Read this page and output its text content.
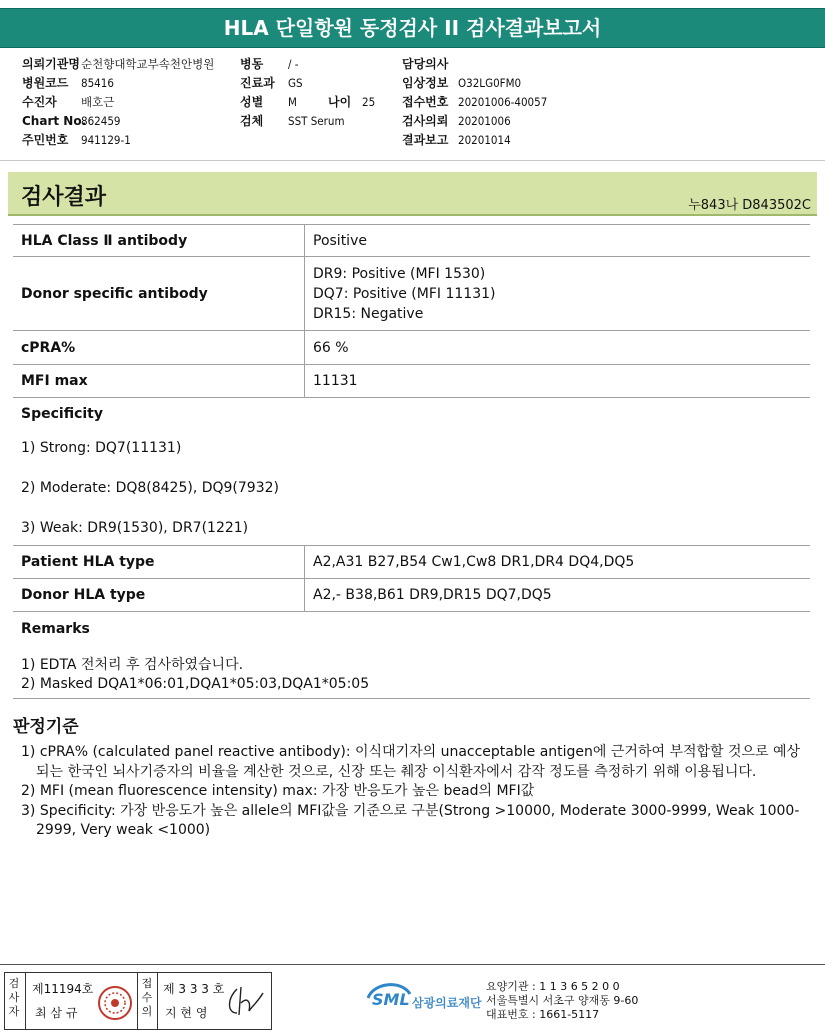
HLA 단일항원 동정검사 II 검사결과보고서
의뢰기관명순천향대학교부속천안병원
병원코드 85416
수진자 배호근
Chart No.862459
주민번호 941129-1
병동 / -
진료과 GS
성별 M	나이 25
검체 SST Serum
담당의사
임상정보 O32LG0FM0
접수번호 20201006-40057
검사의뢰 20201006
결과보고 20201014
검사결과	누843나 D843502C
HLA Class Ⅱ antibody	Positive
Donor specific antibody	DR9: Positive (MFI 1530)
DQ7: Positive (MFI 11131)
DR15: Negative

cPRA%	66 %
MFI max	11131
Specificity
1) Strong: DQ7(11131)
2) Moderate: DQ8(8425), DQ9(7932)
3) Weak: DR9(1530), DR7(1221)
Patient HLA type	A2,A31 B27,B54 Cw1,Cw8 DR1,DR4 DQ4,DQ5
Donor HLA type	A2,- B38,B61 DR9,DR15 DQ7,DQ5
Remarks
1) EDTA 전처리 후 검사하였습니다.
2) Masked DQA1*06:01,DQA1*05:03,DQA1*05:05
판정기준
1) cPRA% (calculated panel reactive antibody): 이식대기자의 unacceptable antigen에 근거하여 부적합할 것으로 예상되는 한국인 뇌사기증자의 비율을 계산한 것으로, 신장 또는 췌장 이식환자에서 감작 정도를 측정하기 위해 이용됩니다.
2) MFI (mean fluorescence intensity) max: 가장 반응도가 높은 bead의 MFI값
3) Specificity: 가장 반응도가 높은 allele의 MFI값을 기준으로 구분(Strong >10000, Moderate 3000-9999, Weak 1000-2999, Very weak <1000)
검사자
제11194호
최 삼 규
접수의
제 3 3 3 호
지 현 영
SML 삼광의료재단
요양기관 : 1 1 3 6 5 2 0 0
서울특별시 서초구 양재동 9-60
대표번호 : 1661-5117
